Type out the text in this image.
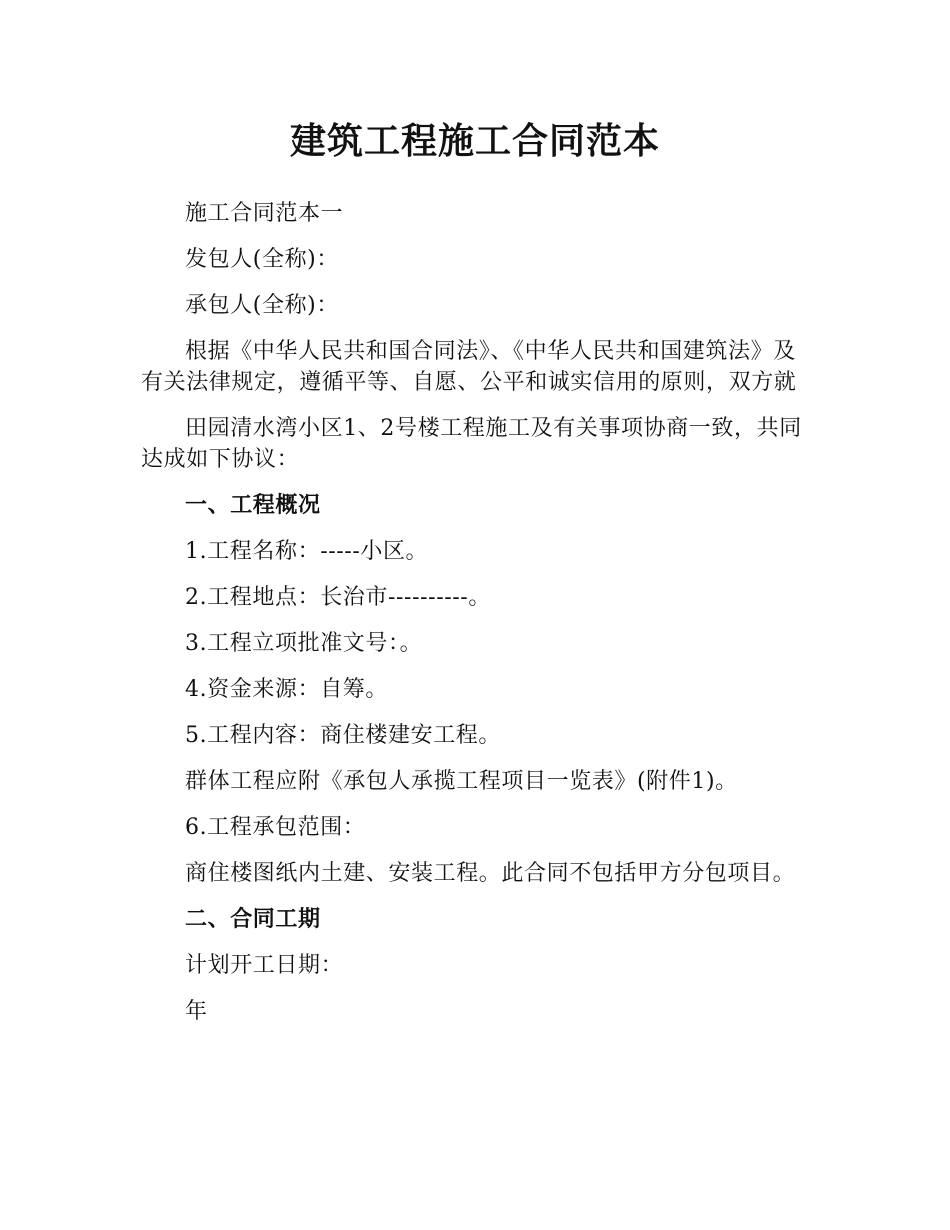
建筑工程施工合同范本

施工合同范本一

发包人(全称)：

承包人(全称)：

根据《中华人民共和国合同法》、《中华人民共和国建筑法》及有关法律规定，遵循平等、自愿、公平和诚实信用的原则，双方就

田园清水湾小区1、2号楼工程施工及有关事项协商一致，共同达成如下协议：

一、工程概况

1.工程名称：-----小区。

2.工程地点：长治市----------。

3.工程立项批准文号：。

4.资金来源：自筹。

5.工程内容：商住楼建安工程。

群体工程应附《承包人承揽工程项目一览表》(附件1)。

6.工程承包范围：

商住楼图纸内土建、安装工程。此合同不包括甲方分包项目。

二、合同工期

计划开工日期：

年
